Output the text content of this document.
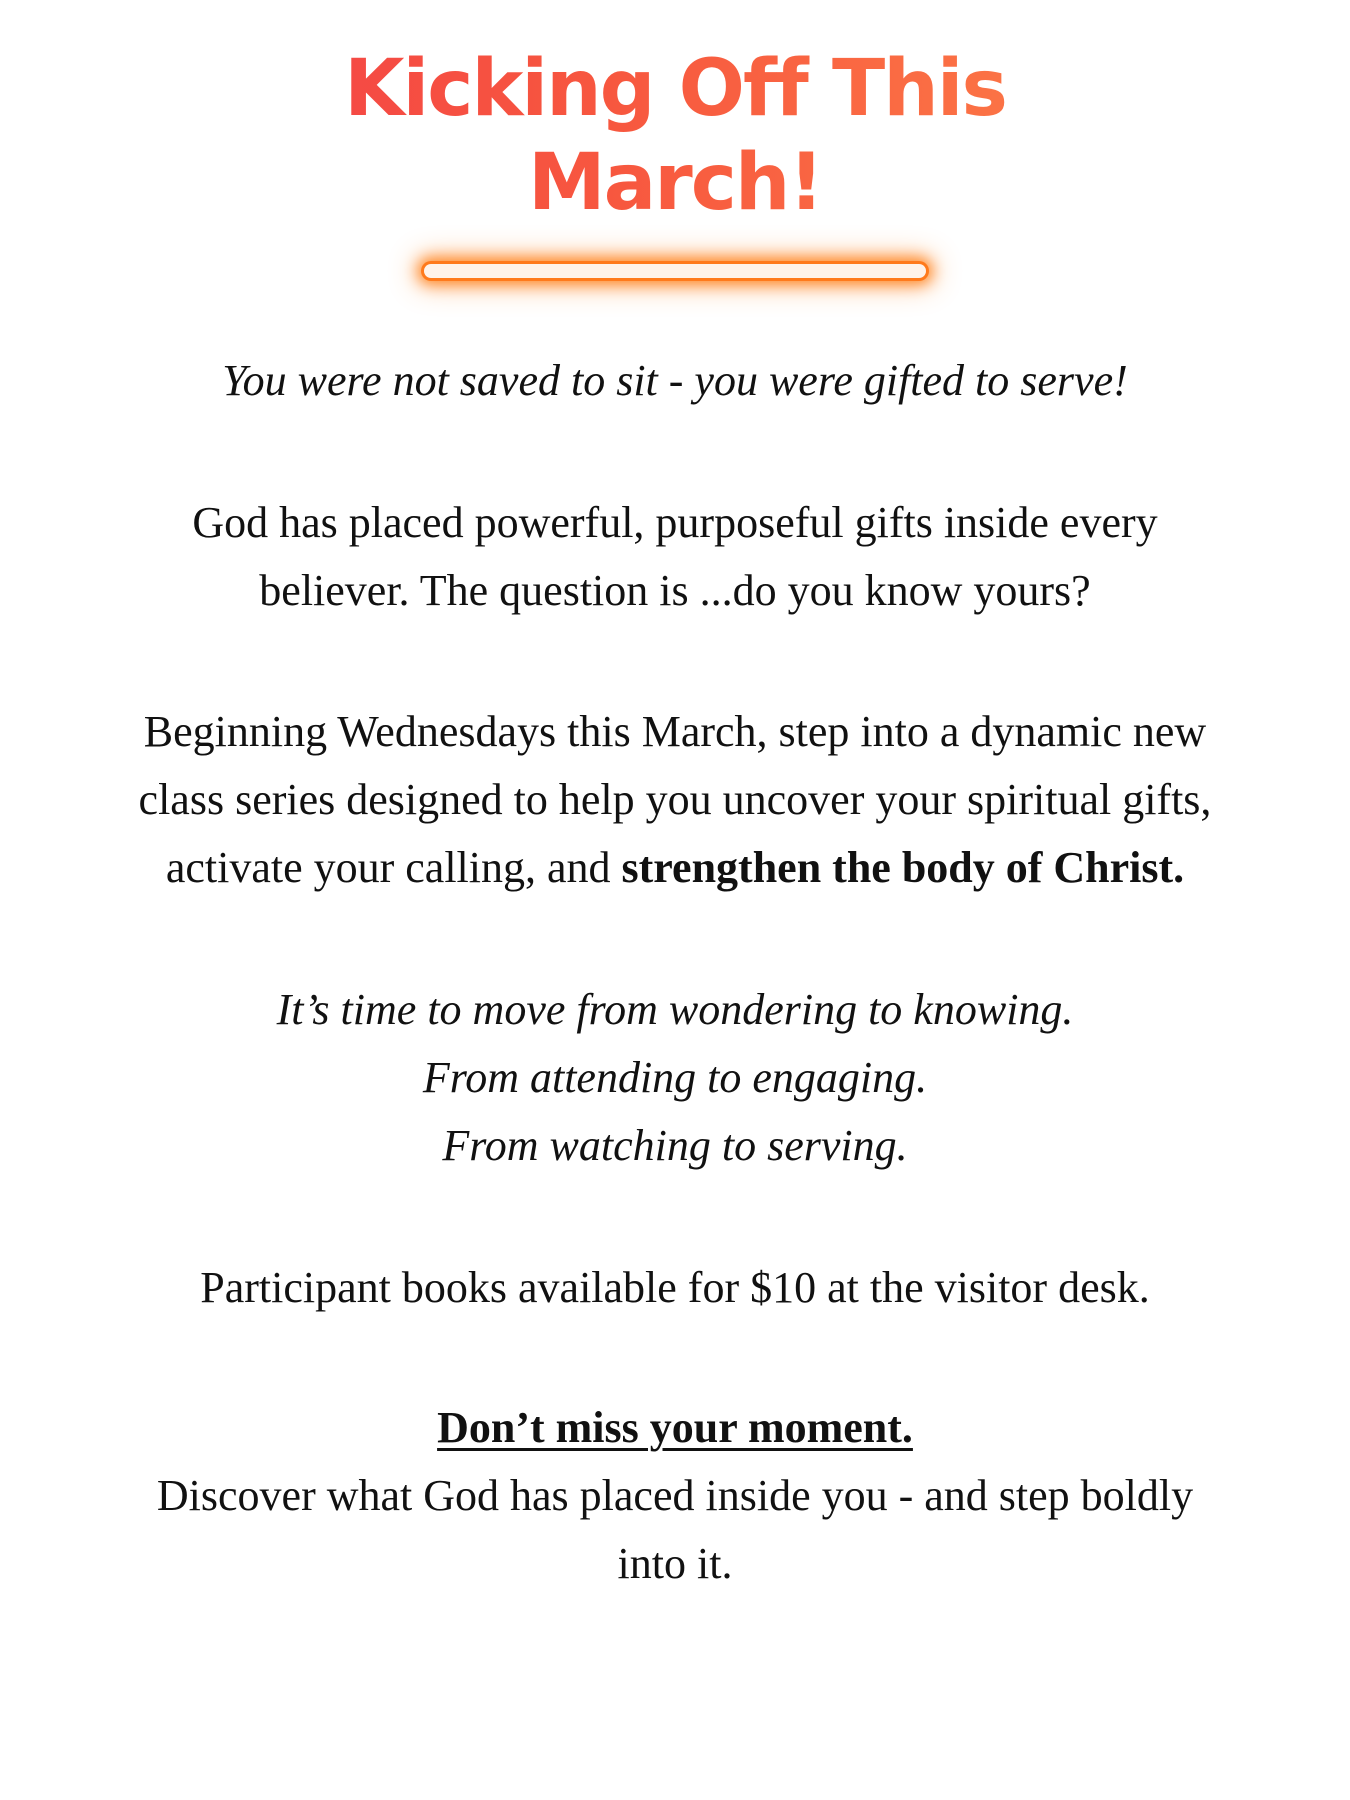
Kicking Off This
March!

You were not saved to sit - you were gifted to serve!

God has placed powerful, purposeful gifts inside every
believer. The question is ...do you know yours?

Beginning Wednesdays this March, step into a dynamic new
class series designed to help you uncover your spiritual gifts,
activate your calling, and strengthen the body of Christ.

It’s time to move from wondering to knowing.
From attending to engaging.
From watching to serving.

Participant books available for $10 at the visitor desk.

Don’t miss your moment.
Discover what God has placed inside you - and step boldly
into it.
